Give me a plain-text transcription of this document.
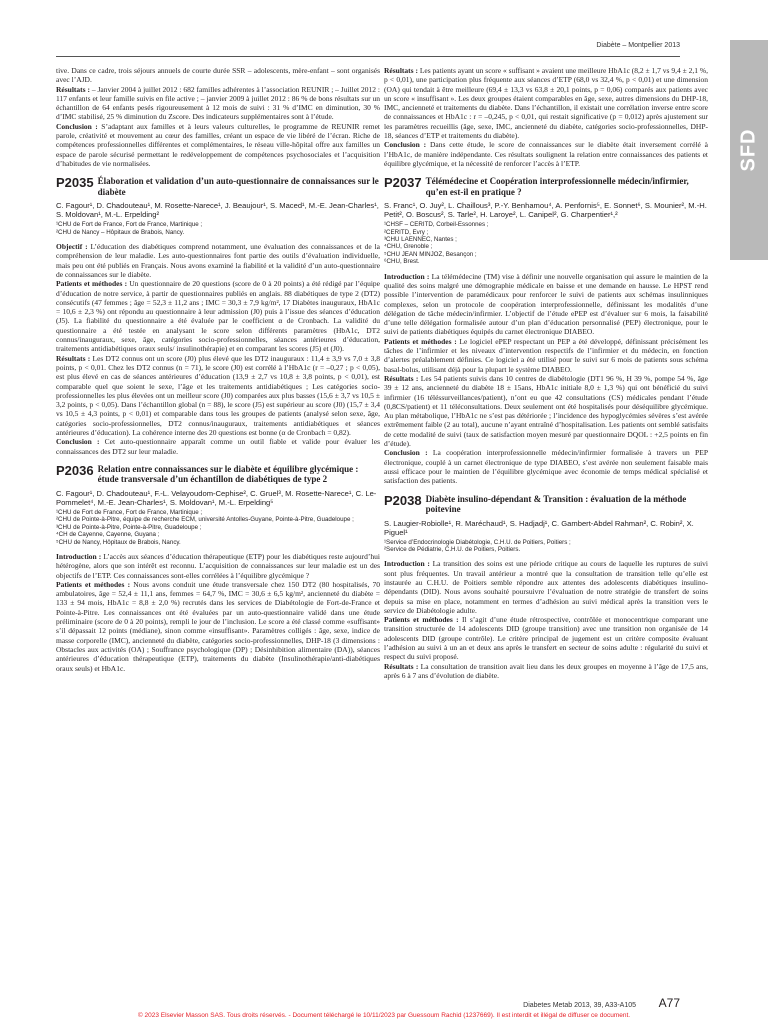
Diabète – Montpellier 2013
SFD

tive. Dans ce cadre, trois séjours annuels de courte durée SSR – adolescents, mère-enfant – sont organisés avec l’AJD.

Résultats : – Janvier 2004 à juillet 2012 : 682 familles adhérentes à l’association REUNIR ; – Juillet 2012 : 117 enfants et leur famille suivis en file active ; – janvier 2009 à juillet 2012 : 86 % de bons résultats sur un échantillon de 64 enfants pesés rigoureusement à 12 mois de suivi : 31 % d’IMC en diminution, 30 % d’IMC stabilisé, 25 % diminution du Zscore. Des indicateurs supplémentaires sont à l’étude.

Conclusion : S’adaptant aux familles et à leurs valeurs culturelles, le programme de REUNIR remet parole, créativité et mouvement au cœur des familles, créant un espace de vie libéré de l’écran. Riche de compétences professionnelles différentes et complémentaires, le réseau ville-hôpital offre aux familles un espace de parole sécurisé permettant le redéveloppement de compétences psychosociales et l’acquisition d’habitudes de vie normalisées.

P2035 Élaboration et validation d’un auto-questionnaire de connaissances sur le diabète
C. Fagour¹, D. Chadouteau¹, M. Rosette-Narece¹, J. Beaujour¹, S. Maced¹, M.-E. Jean-Charles¹, S. Moldovan¹, M.-L. Erpelding²
¹CHU de Fort de France, Fort de France, Martinique ;
²CHU de Nancy – Hôpitaux de Brabois, Nancy.

Objectif : L’éducation des diabétiques comprend notamment, une évaluation des connaissances et de la compréhension de leur maladie. Les auto-questionnaires font partie des outils d’évaluation individuelle, mais peu ont été publiés en Français. Nous avons examiné la fiabilité et la validité d’un auto-questionnaire de connaissances sur le diabète.

Patients et méthodes : Un questionnaire de 20 questions (score de 0 à 20 points) a été rédigé par l’équipe d’éducation de notre service, à partir de questionnaires publiés en anglais. 88 diabétiques de type 2 (DT2) consécutifs (47 femmes ; âge = 52,3 ± 11,2 ans ; IMC = 30,3 ± 7,9 kg/m², 17 Diabètes inauguraux, HbA1c = 10,6 ± 2,3 %) ont répondu au questionnaire à leur admission (J0) puis à l’issue des séances d’éducation (J5). La fiabilité du questionnaire a été évaluée par le coefficient α de Cronbach. La validité du questionnaire a été testée en analysant le score selon différents paramètres (HbA1c, DT2 connus/inauguraux, sexe, âge, catégories socio-professionnelles, séances antérieures d’éducation, traitements antidiabétiques oraux seuls/ insulinothérapie) et en comparant les scores (J5) et (J0).

Résultats : Les DT2 connus ont un score (J0) plus élevé que les DT2 inauguraux : 11,4 ± 3,9 vs 7,0 ± 3,8 points, p < 0,01. Chez les DT2 connus (n = 71), le score (J0) est corrélé à l’HbA1c (r = –0,27 ; p < 0,05), est plus élevé en cas de séances antérieures d’éducation (13,9 ± 2,7 vs 10,8 ± 3,8 points, p < 0,01), est comparable quel que soient le sexe, l’âge et les traitements antidiabétiques ; Les catégories socio-professionnelles les plus élevées ont un meilleur score (J0) comparées aux plus basses (15,6 ± 3,7 vs 10,5 ± 3,2 points, p < 0,05). Dans l’échantillon global (n = 88), le score (J5) est supérieur au score (J0) (15,7 ± 3,4 vs 10,5 ± 4,3 points, p < 0,01) et comparable dans tous les groupes de patients (analysé selon sexe, âge, catégories socio-professionnelles, DT2 connus/inauguraux, traitements antidiabétiques et séances antérieures d’éducation). La cohérence interne des 20 questions est bonne (α de Cronbach = 0,82).

Conclusion : Cet auto-questionnaire apparaît comme un outil fiable et valide pour évaluer les connaissances des DT2 sur leur maladie.

P2036 Relation entre connaissances sur le diabète et équilibre glycémique : étude transversale d’un échantillon de diabétiques de type 2
C. Fagour¹, D. Chadouteau¹, F.-L. Velayoudom-Cephise², C. Gruel³, M. Rosette-Narece¹, C. Le-Pommelet⁴, M.-E. Jean-Charles¹, S. Moldovan¹, M.-L. Erpelding⁵
¹CHU de Fort de France, Fort de France, Martinique ;
²CHU de Pointe-à-Pitre, équipe de recherche ECM, université Antolles-Guyane, Pointe-à-Pitre, Guadeloupe ;
³CHU de Pointe-à-Pitre, Pointe-à-Pitre, Guadeloupe ;
⁴CH de Cayenne, Cayenne, Guyana ;
⁵CHU de Nancy, Hôpitaux de Brabois, Nancy.

Introduction : L’accès aux séances d’éducation thérapeutique (ETP) pour les diabétiques reste aujourd’hui hétérogène, alors que son intérêt est reconnu. L’acquisition de connaissances sur leur maladie est un des objectifs de l’ETP. Ces connaissances sont-elles corrélées à l’équilibre glycémique ?

Patients et méthodes : Nous avons conduit une étude transversale chez 150 DT2 (80 hospitalisés, 70 ambulatoires, âge = 52,4 ± 11,1 ans, femmes = 64,7 %, IMC = 30,6 ± 6,5 kg/m², ancienneté du diabète = 133 ± 94 mois, HbA1c = 8,8 ± 2,0 %) recrutés dans les services de Diabétologie de Fort-de-France et Pointe-à-Pitre. Les connaissances ont été évaluées par un auto-questionnaire validé dans une étude préliminaire (score de 0 à 20 points), rempli le jour de l’inclusion. Le score a été classé comme «suffisant» s’il dépassait 12 points (médiane), sinon comme «insuffisant». Paramètres colligés : âge, sexe, indice de masse corporelle (IMC), ancienneté du diabète, catégories socio-professionnelles, DHP-18 (3 dimensions : Obstacles aux activités (OA) ; Souffrance psychologique (DP) ; Désinhibition alimentaire (DA)), séances antérieures d’éducation thérapeutique (ETP), traitements du diabète (Insulinothérapie/anti-diabétiques oraux seuls) et HbA1c.

Résultats : Les patients ayant un score « suffisant » avaient une meilleure HbA1c (8,2 ± 1,7 vs 9,4 ± 2,1 %, p < 0,01), une participation plus fréquente aux séances d’ETP (68,0 vs 32,4 %, p < 0,01) et une dimension (OA) qui tendait à être meilleure (69,4 ± 13,3 vs 63,8 ± 20,1 points, p = 0,06) comparés aux patients avec un score « insuffisant ». Les deux groupes étaient comparables en âge, sexe, autres dimensions du DHP-18, IMC, ancienneté et traitements du diabète. Dans l’échantillon, il existait une corrélation inverse entre score de connaissances et HbA1c : r = –0,245, p < 0,01, qui restait significative (p = 0,012) après ajustement sur les paramètres recueillis (âge, sexe, IMC, ancienneté du diabète, catégories socio-professionnelles, DHP-18, séances d’ETP et traitements du diabète).

Conclusion : Dans cette étude, le score de connaissances sur le diabète était inversement corrélé à l’HbA1c, de manière indépendante. Ces résultats soulignent la relation entre connaissances des patients et équilibre glycémique, et la nécessité de renforcer l’accès à l’ETP.

P2037 Télémédecine et Coopération interprofessionnelle médecin/infirmier, qu’en est-il en pratique ?
S. Franc¹, O. Juy², L. Chaillous³, P.-Y. Benhamou⁴, A. Penfornis⁵, E. Sonnet⁶, S. Mounier², M.-H. Petit², O. Boscus², S. Tarle², H. Laroye², L. Canipel², G. Charpentier¹,²
¹CHSF – CERITD, Corbeil-Essonnes ;
²CERITD, Evry ;
³CHU LAENNEC, Nantes ;
⁴CHU, Grenoble ;
⁵CHU JEAN MINJOZ, Besançon ;
⁶CHU, Brest.

Introduction : La télémédecine (TM) vise à définir une nouvelle organisation qui assure le maintien de la qualité des soins malgré une démographie médicale en baisse et une demande en hausse. Le HPST rend possible l’intervention de paramédicaux pour renforcer le suivi de patients aux schémas insulinniques complexes, selon un protocole de coopération interprofessionnelle, définissant les modalités d’une délégation de tâche médecin/infirmier. L’objectif de l’étude ePEP est d’évaluer sur 6 mois, la faisabilité d’une telle délégation formalisée autour d’un plan d’éducation personnalisé (PEP) électronique, pour le suivi de patients diabétiques équipés du carnet électronique DIABEO.

Patients et méthodes : Le logiciel ePEP respectant un PEP a été développé, définissant précisément les tâches de l’infirmier et les niveaux d’intervention respectifs de l’infirmier et du médecin, en fonction d’alertes préalablement définies. Ce logiciel a été utilisé pour le suivi sur 6 mois de patients sous schéma basal-bolus, utilisant déjà pour la plupart le système DIABEO.

Résultats : Les 54 patients suivis dans 10 centres de diabétologie (DT1 96 %, H 39 %, pompe 54 %, âge 39 ± 12 ans, ancienneté du diabète 18 ± 15ans, HbA1c initiale 8,0 ± 1,3 %) qui ont bénéficié du suivi infirmier (16 téléssurveillances/patient), n’ont eu que 42 consultations (CS) médicales pendant l’étude (0,8CS/patient) et 11 téléconsultations. Deux seulement ont été hospitalisés pour déséquilibre glycémique. Au plan métabolique, l’HbA1c ne s’est pas détériorée ; l’incidence des hypoglycémies sévères s’est avérée extrêmement faible (2 au total), aucune n’ayant entraîné d’hospitalisation. Les patients ont semblé satisfaits de cette modalité de suivi (taux de satisfaction moyen mesuré par questionnaire DQOL : +2,5 points en fin d’étude).

Conclusion : La coopération interprofessionnelle médecin/infirmier formalisée à travers un PEP électronique, couplé à un carnet électronique de type DIABEO, s’est avérée non seulement faisable mais aussi efficace pour le maintien de l’équilibre glycémique avec économie de temps médical spécialisé et satisfaction des patients.

P2038 Diabète insulino-dépendant & Transition : évaluation de la méthode poitevine
S. Laugier-Robiolle¹, R. Maréchaud¹, S. Hadjadj¹, C. Gambert-Abdel Rahman², C. Robin², X. Piguel¹
¹Service d’Endocrinologie Diabétologie, C.H.U. de Poitiers, Poitiers ;
²Service de Pédiatrie, C.H.U. de Poitiers, Poitiers.

Introduction : La transition des soins est une période critique au cours de laquelle les ruptures de suivi sont plus fréquentes. Un travail antérieur a montré que la consultation de transition telle qu’elle est instaurée au C.H.U. de Poitiers semble répondre aux attentes des adolescents diabétiques insulino-dépendants (DID). Nous avons souhaité poursuivre l’évaluation de notre stratégie de transfert de soins depuis sa mise en place, notamment en termes d’adhésion au suivi médical après la transition vers le service de Diabétologie adulte.

Patients et méthodes : Il s’agit d’une étude rétrospective, contrôlée et monocentrique comparant une transition structurée de 14 adolescents DID (groupe transition) avec une transition non organisée de 14 adolescents DID (groupe contrôle). Le critère principal de jugement est un critère composite évaluant l’adhésion au suivi à un an et deux ans après le transfert en secteur de soins adulte : régularité du suivi et respect du suivi proposé.

Résultats : La consultation de transition avait lieu dans les deux groupes en moyenne à l’âge de 17,5 ans, après 6 à 7 ans d’évolution de diabète.

Diabetes Metab 2013, 39, A33-A105 A77
© 2023 Elsevier Masson SAS. Tous droits réservés. - Document téléchargé le 10/11/2023 par Guessoum Rachid (1237669). Il est interdit et illégal de diffuser ce document.
